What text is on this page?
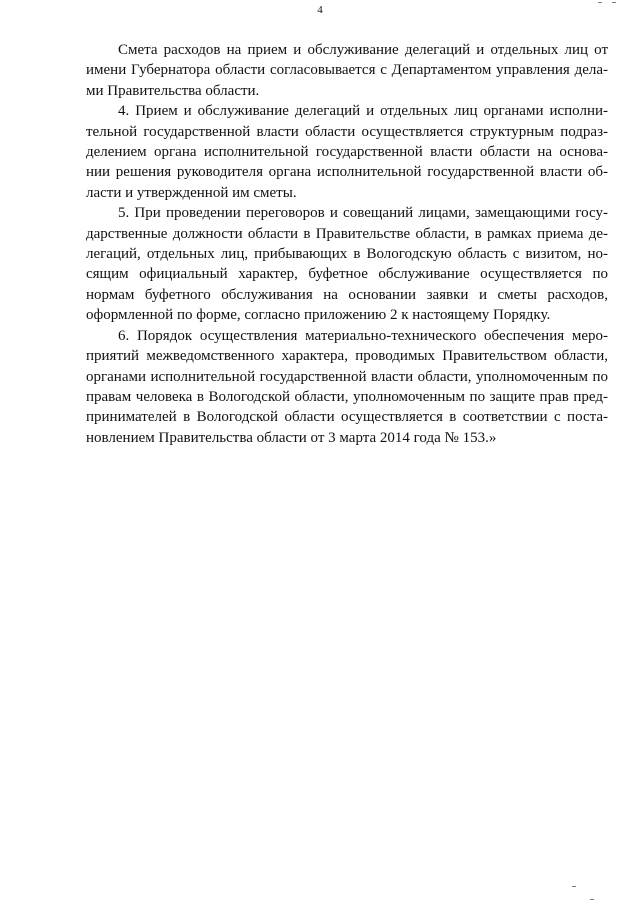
4
Смета расходов на прием и обслуживание делегаций и отдельных лиц от
имени Губернатора области согласовывается с Департаментом управления дела-
ми Правительства области.
4. Прием и обслуживание делегаций и отдельных лиц органами исполни-
тельной государственной власти области осуществляется структурным подраз-
делением органа исполнительной государственной власти области на основа-
нии решения руководителя органа исполнительной государственной власти об-
ласти и утвержденной им сметы.
5. При проведении переговоров и совещаний лицами, замещающими госу-
дарственные должности области в Правительстве области, в рамках приема де-
легаций, отдельных лиц, прибывающих в Вологодскую область с визитом, но-
сящим официальный характер, буфетное обслуживание осуществляется по
нормам буфетного обслуживания на основании заявки и сметы расходов,
оформленной по форме, согласно приложению 2 к настоящему Порядку.
6. Порядок осуществления материально-технического обеспечения меро-
приятий межведомственного характера, проводимых Правительством области,
органами исполнительной государственной власти области, уполномоченным по
правам человека в Вологодской области, уполномоченным по защите прав пред-
принимателей в Вологодской области осуществляется в соответствии с поста-
новлением Правительства области от 3 марта 2014 года № 153.»
